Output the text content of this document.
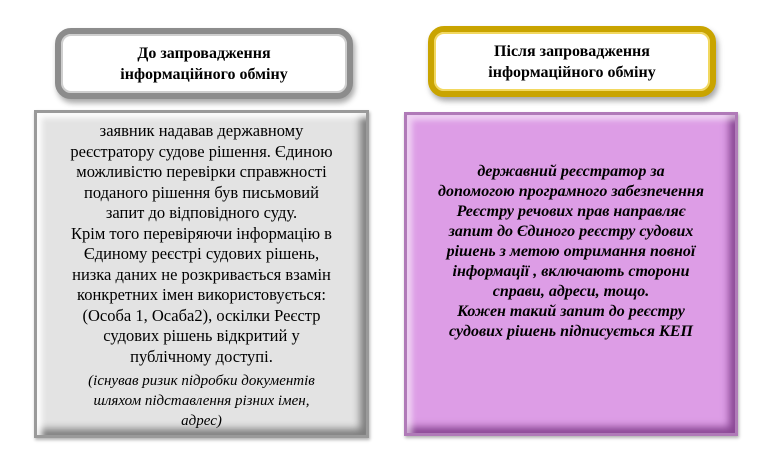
До запровадження
інформаційного обміну
Після запровадження
інформаційного обміну
заявник надавав державному
реєстратору судове рішення. Єдиною
можливістю перевірки справжності
поданого рішення був письмовий
запит до відповідного суду.
Крім того перевіряючи інформацію в
Єдиному реєстрі судових рішень,
низка даних не розкривається взамін
конкретних імен використовується:
(Особа 1, Осаба2), оскілки Реєстр
судових рішень відкритий у
публічному доступі.
(існував ризик підробки документів
шляхом підставлення різних імен,
адрес)
державний реєстратор за
допомогою програмного забезпечення
Реєстру речових прав направляє
запит до Єдиного реєстру судових
рішень з метою отримання повної
інформації , включають сторони
справи, адреси, тощо.
Кожен такий запит до реєстру
судових рішень підписується КЕП
